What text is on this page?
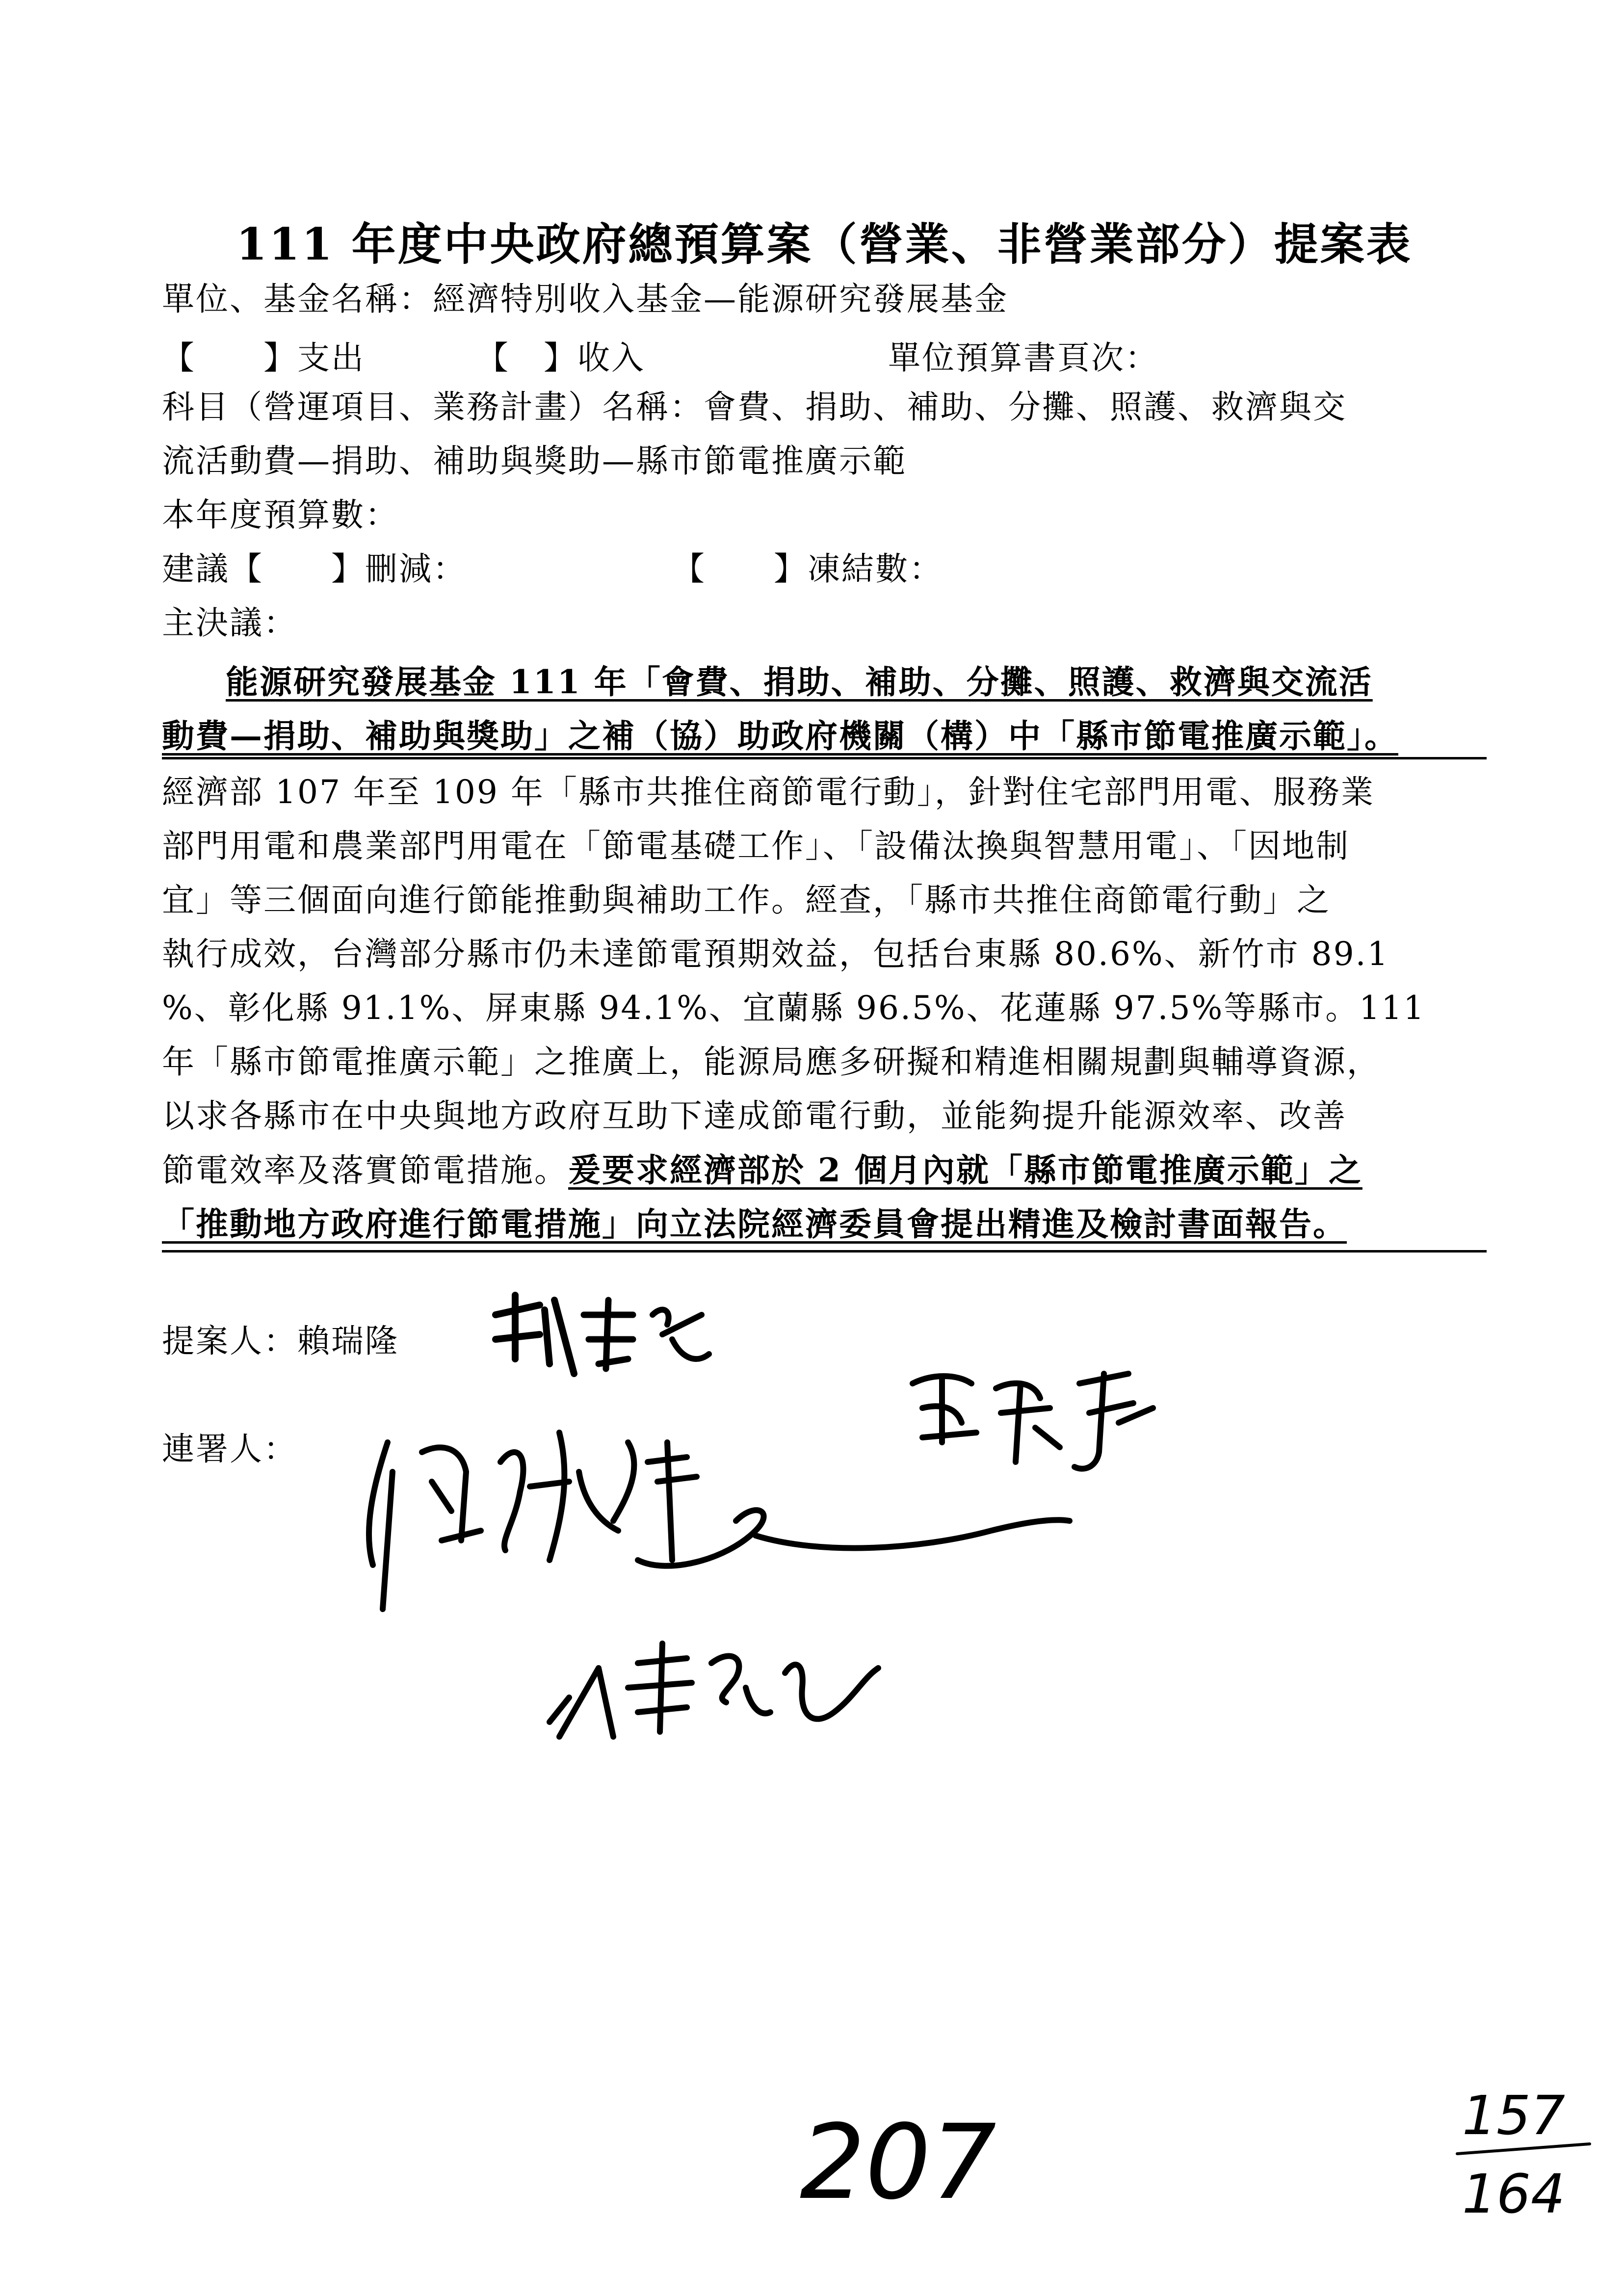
111 年度中央政府總預算案（營業、非營業部分）提案表
單位、基金名稱：經濟特別收入基金—能源研究發展基金
【　　】支出	【　】收入	單位預算書頁次：
科目（營運項目、業務計畫）名稱：會費、捐助、補助、分攤、照護、救濟與交
流活動費—捐助、補助與獎助—縣市節電推廣示範
本年度預算數：
建議【　　】刪減：	【　　】凍結數：
主決議：
能源研究發展基金 111 年「會費、捐助、補助、分攤、照護、救濟與交流活
動費—捐助、補助與獎助」之補（協）助政府機關（構）中「縣市節電推廣示範」。
經濟部 107 年至 109 年「縣市共推住商節電行動」，針對住宅部門用電、服務業
部門用電和農業部門用電在「節電基礎工作」、「設備汰換與智慧用電」、「因地制
宜」等三個面向進行節能推動與補助工作。經查，「縣市共推住商節電行動」之
執行成效，台灣部分縣市仍未達節電預期效益，包括台東縣 80.6%、新竹市 89.1
%、彰化縣 91.1%、屏東縣 94.1%、宜蘭縣 96.5%、花蓮縣 97.5%等縣市。111
年「縣市節電推廣示範」之推廣上，能源局應多研擬和精進相關規劃與輔導資源，
以求各縣市在中央與地方政府互助下達成節電行動，並能夠提升能源效率、改善
節電效率及落實節電措施。爰要求經濟部於 2 個月內就「縣市節電推廣示範」之
「推動地方政府進行節電措施」向立法院經濟委員會提出精進及檢討書面報告。
提案人：賴瑞隆
連署人：
207	157
164
